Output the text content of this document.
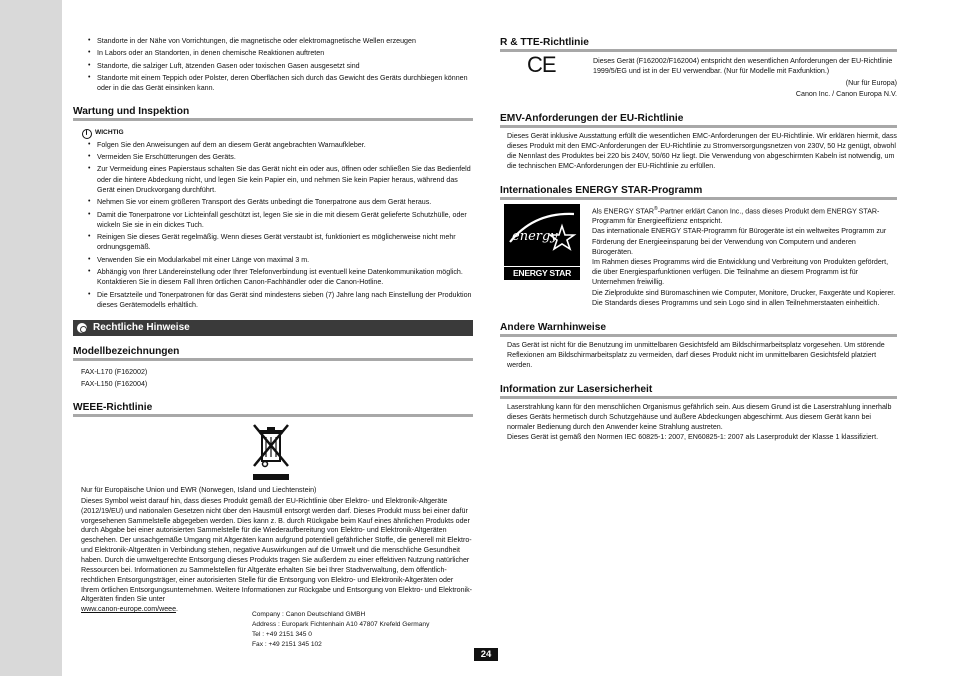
• Standorte in der Nähe von Vorrichtungen, die magnetische oder elektromagnetische Wellen erzeugen
• In Labors oder an Standorten, in denen chemische Reaktionen auftreten
• Standorte, die salziger Luft, ätzenden Gasen oder toxischen Gasen ausgesetzt sind
• Standorte mit einem Teppich oder Polster, deren Oberflächen sich durch das Gewicht des Geräts durchbiegen können oder in die das Gerät einsinken kann.
Wartung und Inspektion
WICHTIG
• Folgen Sie den Anweisungen auf dem an diesem Gerät angebrachten Warnaufkleber.
• Vermeiden Sie Erschütterungen des Geräts.
• Zur Vermeidung eines Papierstaus schalten Sie das Gerät nicht ein oder aus, öffnen oder schließen Sie das Bedienfeld oder die hintere Abdeckung nicht, und legen Sie kein Papier ein, und nehmen Sie kein Papier heraus, während das Gerät einen Druckvorgang durchführt.
• Nehmen Sie vor einem größeren Transport des Geräts unbedingt die Tonerpatrone aus dem Gerät heraus.
• Damit die Tonerpatrone vor Lichteinfall geschützt ist, legen Sie sie in die mit diesem Gerät gelieferte Schutzhülle, oder wickeln Sie sie in ein dickes Tuch.
• Reinigen Sie dieses Gerät regelmäßig. Wenn dieses Gerät verstaubt ist, funktioniert es möglicherweise nicht mehr ordnungsgemäß.
• Verwenden Sie ein Modularkabel mit einer Länge von maximal 3 m.
• Abhängig von Ihrer Ländereinstellung oder Ihrer Telefonverbindung ist eventuell keine Datenkommunikation möglich. Kontaktieren Sie in diesem Fall Ihren örtlichen Canon-Fachhändler oder die Canon-Hotline.
• Die Ersatzteile und Tonerpatronen für das Gerät sind mindestens sieben (7) Jahre lang nach Einstellung der Produktion dieses Gerätemodells erhältlich.
Rechtliche Hinweise
Modellbezeichnungen
FAX-L170 (F162002)
FAX-L150 (F162004)
WEEE-Richtlinie
Nur für Europäische Union und EWR (Norwegen, Island und Liechtenstein)
Dieses Symbol weist darauf hin, dass dieses Produkt gemäß der EU-Richtlinie über Elektro- und Elektronik-Altgeräte (2012/19/EU) und nationalen Gesetzen nicht über den Hausmüll entsorgt werden darf. Dieses Produkt muss bei einer dafür vorgesehenen Sammelstelle abgegeben werden. Dies kann z. B. durch Rückgabe beim Kauf eines ähnlichen Produkts oder durch Abgabe bei einer autorisierten Sammelstelle für die Wiederaufbereitung von Elektro- und Elektronik-Altgeräten geschehen. Der unsachgemäße Umgang mit Altgeräten kann aufgrund potentiell gefährlicher Stoffe, die generell mit Elektro- und Elektronik-Altgeräten in Verbindung stehen, negative Auswirkungen auf die Umwelt und die menschliche Gesundheit haben. Durch die umweltgerechte Entsorgung dieses Produkts tragen Sie außerdem zu einer effektiven Nutzung natürlicher Ressourcen bei. Informationen zu Sammelstellen für Altgeräte erhalten Sie bei Ihrer Stadtverwaltung, dem öffentlich-rechtlichen Entsorgungsträger, einer autorisierten Stelle für die Entsorgung von Elektro- und Elektronik-Altgeräten oder Ihrem örtlichen Entsorgungsunternehmen. Weitere Informationen zur Rückgabe und Entsorgung von Elektro- und Elektronik-Altgeräten finden Sie unter
www.canon-europe.com/weee.
Company : Canon Deutschland GMBH
Address : Europark Fichtenhain A10 47807 Krefeld Germany
Tel : +49 2151 345 0
Fax : +49 2151 345 102
R & TTE-Richtlinie
CE	Dieses Gerät (F162002/F162004) entspricht den wesentlichen Anforderungen der EU-Richtlinie 1999/5/EG und ist in der EU verwendbar. (Nur für Modelle mit Faxfunktion.)
(Nur für Europa)
Canon Inc. / Canon Europa N.V.
EMV-Anforderungen der EU-Richtlinie
Dieses Gerät inklusive Ausstattung erfüllt die wesentlichen EMC-Anforderungen der EU-Richtlinie. Wir erklären hiermit, dass dieses Produkt mit den EMC-Anforderungen der EU-Richtlinie zu Stromversorgungsnetzen von 230V, 50 Hz genügt, obwohl die Nennlast des Produktes bei 220 bis 240V, 50/60 Hz liegt. Die Verwendung von abgeschirmten Kabeln ist notwendig, um die technischen EMC-Anforderungen der EU-Richtlinie zu erfüllen.
Internationales ENERGY STAR-Programm
energy
ENERGY STAR
Als ENERGY STAR®-Partner erklärt Canon Inc., dass dieses Produkt dem ENERGY STAR-Programm für Energieeffizienz entspricht.
Das internationale ENERGY STAR-Programm für Bürogeräte ist ein weltweites Programm zur Förderung der Energieeinsparung bei der Verwendung von Computern und anderen Bürogeräten.
Im Rahmen dieses Programms wird die Entwicklung und Verbreitung von Produkten gefördert, die über Energiesparfunktionen verfügen. Die Teilnahme an diesem Programm ist für Unternehmen freiwillig.
Die Zielprodukte sind Büromaschinen wie Computer, Monitore, Drucker, Faxgeräte und Kopierer. Die Standards dieses Programms und sein Logo sind in allen Teilnehmerstaaten einheitlich.
Andere Warnhinweise
Das Gerät ist nicht für die Benutzung im unmittelbaren Gesichtsfeld am Bildschirmarbeitsplatz vorgesehen. Um störende Reflexionen am Bildschirmarbeitsplatz zu vermeiden, darf dieses Produkt nicht im unmittelbaren Gesichtsfeld platziert werden.
Information zur Lasersicherheit
Laserstrahlung kann für den menschlichen Organismus gefährlich sein. Aus diesem Grund ist die Laserstrahlung innerhalb dieses Geräts hermetisch durch Schutzgehäuse und äußere Abdeckungen abgeschirmt. Aus diesem Gerät kann bei normaler Bedienung durch den Anwender keine Strahlung austreten.
Dieses Gerät ist gemäß den Normen IEC 60825-1: 2007, EN60825-1: 2007 als Laserprodukt der Klasse 1 klassifiziert.
24
